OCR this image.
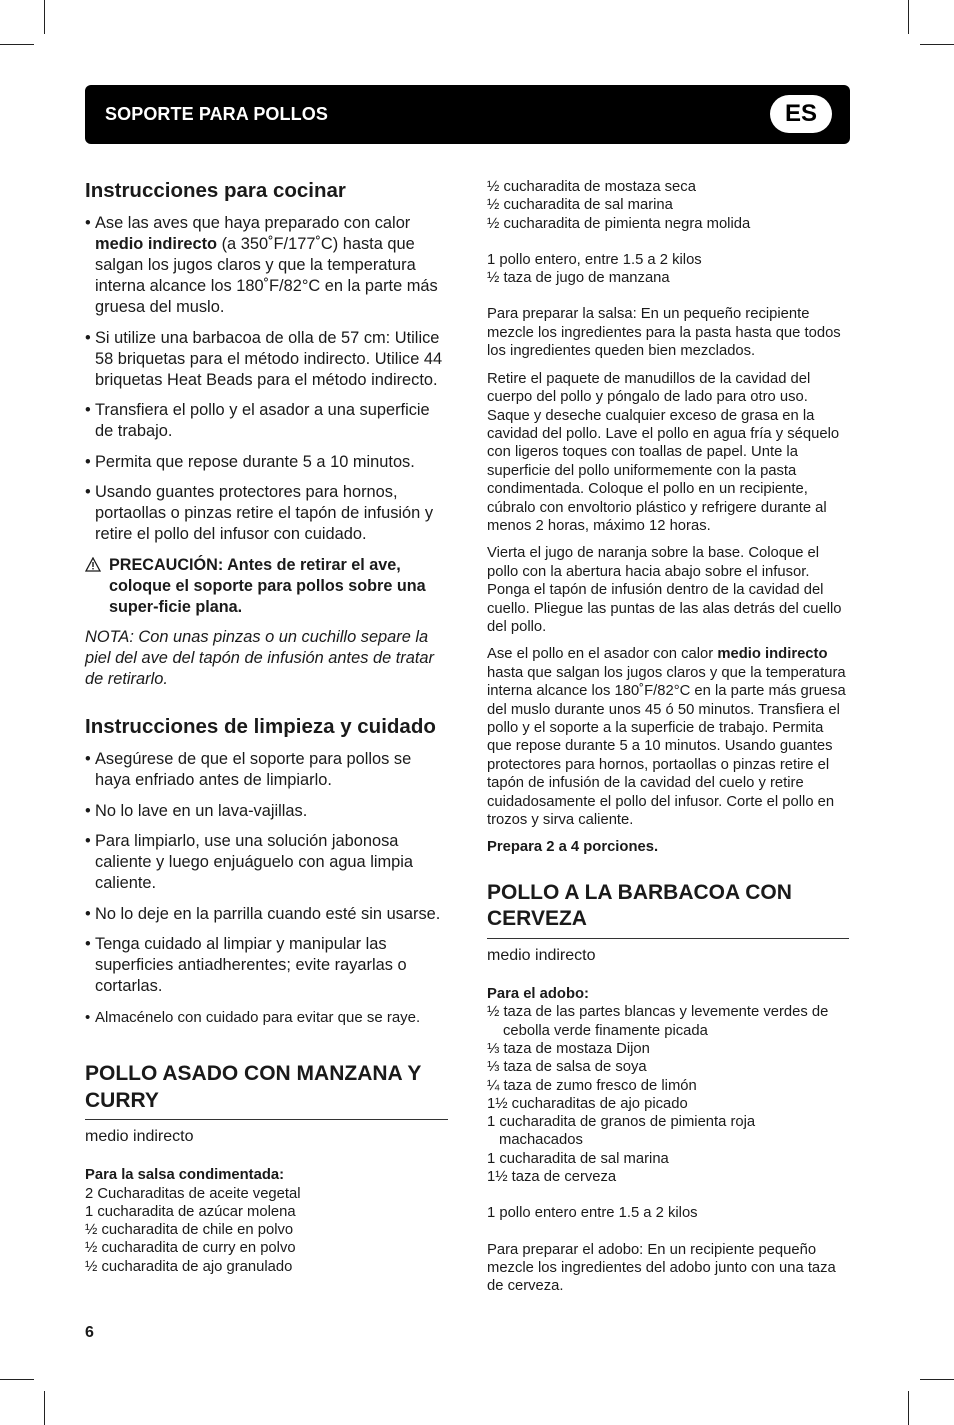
SOPORTE PARA POLLOS	ES
Instrucciones para cocinar
• Ase las aves que haya preparado con calor medio indirecto (a 350˚F/177˚C) hasta que salgan los jugos claros y que la temperatura interna alcance los 180˚F/82°C en la parte más gruesa del muslo.
• Si utilize una barbacoa de olla de 57 cm: Utilice 58 briquetas para el método indirecto. Utilice 44 briquetas Heat Beads para el método indirecto.
• Transfiera el pollo y el asador a una superficie de trabajo.
• Permita que repose durante 5 a 10 minutos.
• Usando guantes protectores para hornos, portaollas o pinzas retire el tapón de infusión y retire el pollo del infusor con cuidado.
PRECAUCIÓN: Antes de retirar el ave, coloque el soporte para pollos sobre una super-ficie plana.

NOTA: Con unas pinzas o un cuchillo separe la piel del ave del tapón de infusión antes de tratar de retirarlo.

Instrucciones de limpieza y cuidado
• Asegúrese de que el soporte para pollos se haya enfriado antes de limpiarlo.
• No lo lave en un lava-vajillas.
• Para limpiarlo, use una solución jabonosa caliente y luego enjuáguelo con agua limpia caliente.
• No lo deje en la parrilla cuando esté sin usarse.
• Tenga cuidado al limpiar y manipular las superficies antiadherentes; evite rayarlas o cortarlas.
• Almacénelo con cuidado para evitar que se raye.
POLLO ASADO CON MANZANA Y CURRY

medio indirecto

Para la salsa condimentada:

2 Cucharaditas de aceite vegetal
1 cucharadita de azúcar molena
½ cucharadita de chile en polvo
½ cucharadita de curry en polvo
½ cucharadita de ajo granulado

½ cucharadita de mostaza seca
½ cucharadita de sal marina
½ cucharadita de pimienta negra molida

1 pollo entero, entre 1.5 a 2 kilos
½ taza de jugo de manzana

Para preparar la salsa: En un pequeño recipiente mezcle los ingredientes para la pasta hasta que todos los ingredientes queden bien mezclados.

Retire el paquete de manudillos de la cavidad del cuerpo del pollo y póngalo de lado para otro uso. Saque y deseche cualquier exceso de grasa en la cavidad del pollo. Lave el pollo en agua fría y séquelo con ligeros toques con toallas de papel. Unte la superficie del pollo uniformemente con la pasta condimentada. Coloque el pollo en un recipiente, cúbralo con envoltorio plástico y refrigere durante al menos 2 horas, máximo 12 horas.

Vierta el jugo de naranja sobre la base. Coloque el pollo con la abertura hacia abajo sobre el infusor. Ponga el tapón de infusión dentro de la cavidad del cuello. Pliegue las puntas de las alas detrás del cuello del pollo.

Ase el pollo en el asador con calor medio indirecto hasta que salgan los jugos claros y que la temperatura interna alcance los 180˚F/82°C en la parte más gruesa del muslo durante unos 45 ó 50 minutos. Transfiera el pollo y el soporte a la superficie de trabajo. Permita que repose durante 5 a 10 minutos. Usando guantes protectores para hornos, portaollas o pinzas retire el tapón de infusión de la cavidad del cuelo y retire cuidadosamente el pollo del infusor. Corte el pollo en trozos y sirva caliente.

Prepara 2 a 4 porciones.

POLLO A LA BARBACOA CON CERVEZA

medio indirecto

Para el adobo:

½ taza de las partes blancas y levemente verdes de
cebolla verde finamente picada
⅓ taza de mostaza Dijon
⅓ taza de salsa de soya
¼ taza de zumo fresco de limón
1½ cucharaditas de ajo picado
1 cucharadita de granos de pimienta roja
machacados
1 cucharadita de sal marina
1½ taza de cerveza

1 pollo entero entre 1.5 a 2 kilos

Para preparar el adobo: En un recipiente pequeño mezcle los ingredientes del adobo junto con una taza de cerveza.

6
